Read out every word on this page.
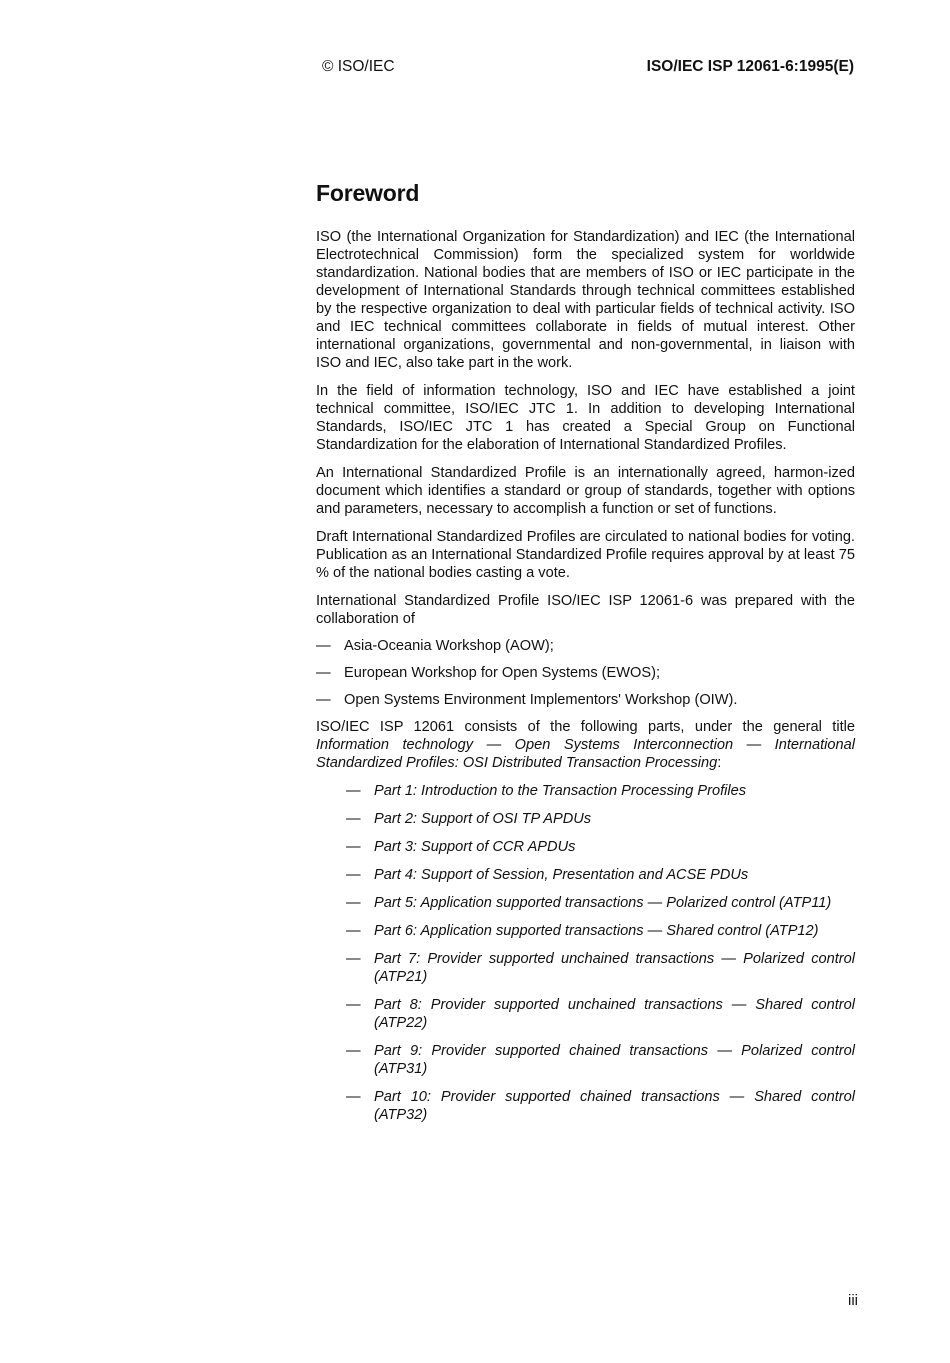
© ISO/IEC	ISO/IEC ISP 12061-6:1995(E)
Foreword

ISO (the International Organization for Standardization) and IEC (the International Electrotechnical Commission) form the specialized system for worldwide standardization. National bodies that are members of ISO or IEC participate in the development of International Standards through technical committees established by the respective organization to deal with particular fields of technical activity. ISO and IEC technical committees collaborate in fields of mutual interest. Other international organizations, governmental and non-governmental, in liaison with ISO and IEC, also take part in the work.

In the field of information technology, ISO and IEC have established a joint technical committee, ISO/IEC JTC 1. In addition to developing International Standards, ISO/IEC JTC 1 has created a Special Group on Functional Standardization for the elaboration of International Standardized Profiles.

An International Standardized Profile is an internationally agreed, harmon-ized document which identifies a standard or group of standards, together with options and parameters, necessary to accomplish a function or set of functions.

Draft International Standardized Profiles are circulated to national bodies for voting. Publication as an International Standardized Profile requires approval by at least 75 % of the national bodies casting a vote.

International Standardized Profile ISO/IEC ISP 12061-6 was prepared with the collaboration of

— Asia-Oceania Workshop (AOW);
— European Workshop for Open Systems (EWOS);
— Open Systems Environment Implementors' Workshop (OIW).

ISO/IEC ISP 12061 consists of the following parts, under the general title Information technology — Open Systems Interconnection — International Standardized Profiles: OSI Distributed Transaction Processing:

— Part 1: Introduction to the Transaction Processing Profiles
— Part 2: Support of OSI TP APDUs
— Part 3: Support of CCR APDUs
— Part 4: Support of Session, Presentation and ACSE PDUs
— Part 5: Application supported transactions — Polarized control (ATP11)
— Part 6: Application supported transactions — Shared control (ATP12)
— Part 7: Provider supported unchained transactions — Polarized control (ATP21)
— Part 8: Provider supported unchained transactions — Shared control (ATP22)
— Part 9: Provider supported chained transactions — Polarized control (ATP31)
— Part 10: Provider supported chained transactions — Shared control (ATP32)
iii
